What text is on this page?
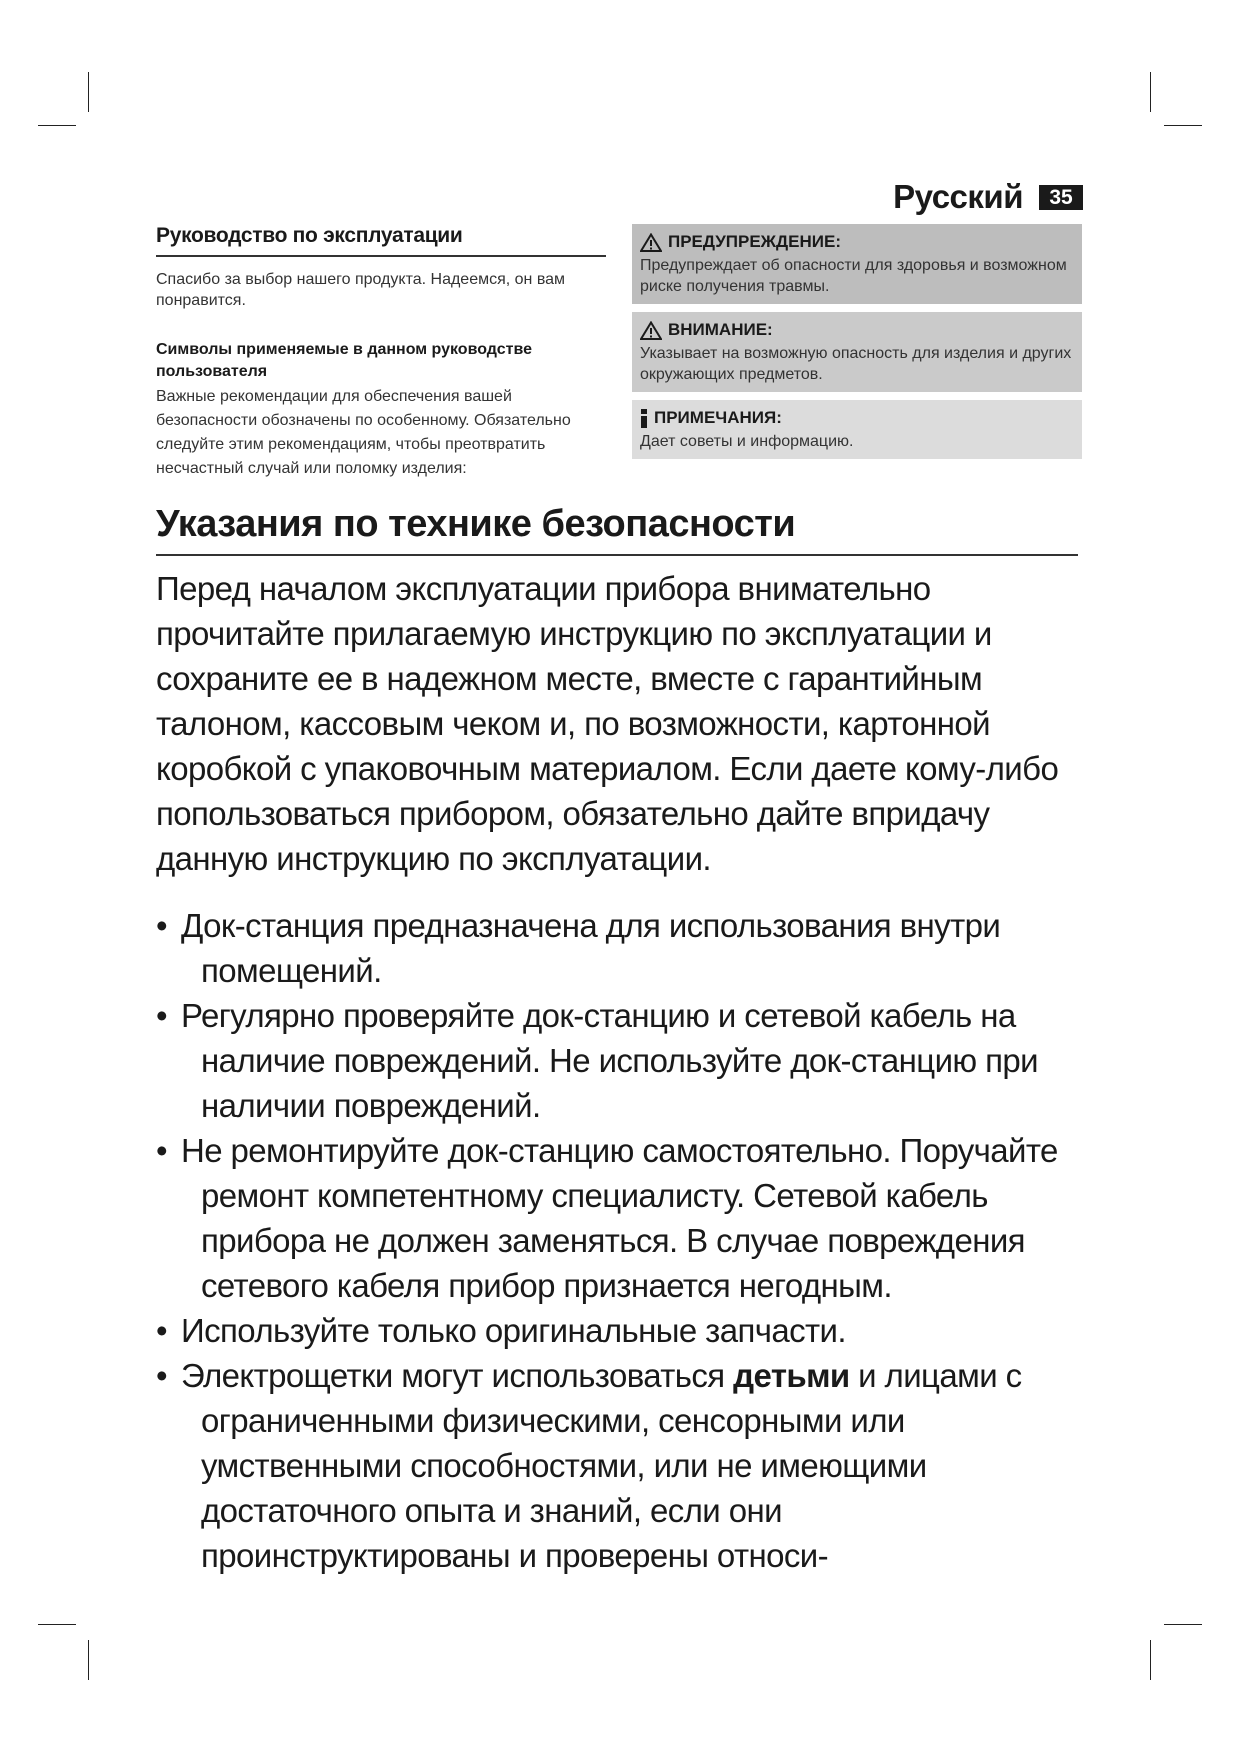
Русский	35
Руководство по эксплуатации
Спасибо за выбор нашего продукта. Надеемся, он вам понравится.
Символы применяемые в данном руководстве пользователя
Важные рекомендации для обеспечения вашей безопасности обозначены по особенному. Обязательно следуйте этим рекомендациям, чтобы преотвратить несчастный случай или поломку изделия:
ПРЕДУПРЕЖДЕНИЕ:
Предупреждает об опасности для здоровья и возможном риске получения травмы.
ВНИМАНИЕ:
Указывает на возможную опасность для изделия и других окружающих предметов.
ПРИМЕЧАНИЯ:
Дает советы и информацию.
Указания по технике безопасности
Перед началом эксплуатации прибора внимательно прочитайте прилагаемую инструкцию по эксплуатации и сохраните ее в надежном месте, вместе с гарантийным талоном, кассовым чеком и, по возможности, картонной коробкой с упаковочным материалом. Если даете кому-либо попользоваться прибором, обязательно дайте впридачу данную инструкцию по эксплуатации.
• Док-станция предназначена для использования внутри помещений.
• Регулярно проверяйте док-станцию и сетевой кабель на наличие повреждений. Не используйте док-станцию при наличии повреждений.
• Не ремонтируйте док-станцию самостоятельно. Поручайте ремонт компетентному специалисту. Сетевой кабель прибора не должен заменяться. В случае повреждения сетевого кабеля прибор признается негодным.
• Используйте только оригинальные запчасти.
• Электрощетки могут использоваться детьми и лицами с ограниченными физическими, сенсорными или умственными способностями, или не имеющими достаточного опыта и знаний, если они проинструктированы и проверены относи-
